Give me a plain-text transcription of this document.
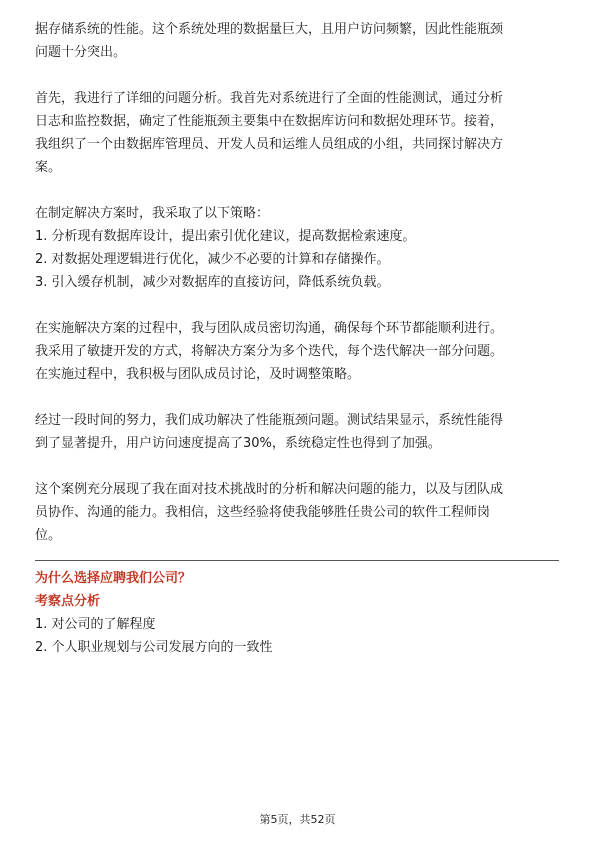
据存储系统的性能。这个系统处理的数据量巨大，且用户访问频繁，因此性能瓶颈

问题十分突出。

首先，我进行了详细的问题分析。我首先对系统进行了全面的性能测试，通过分析

日志和监控数据，确定了性能瓶颈主要集中在数据库访问和数据处理环节。接着，

我组织了一个由数据库管理员、开发人员和运维人员组成的小组，共同探讨解决方

案。

在制定解决方案时，我采取了以下策略：

1. 分析现有数据库设计，提出索引优化建议，提高数据检索速度。

2. 对数据处理逻辑进行优化，减少不必要的计算和存储操作。

3. 引入缓存机制，减少对数据库的直接访问，降低系统负载。

在实施解决方案的过程中，我与团队成员密切沟通，确保每个环节都能顺利进行。

我采用了敏捷开发的方式，将解决方案分为多个迭代，每个迭代解决一部分问题。

在实施过程中，我积极与团队成员讨论，及时调整策略。

经过一段时间的努力，我们成功解决了性能瓶颈问题。测试结果显示，系统性能得

到了显著提升，用户访问速度提高了30%，系统稳定性也得到了加强。

这个案例充分展现了我在面对技术挑战时的分析和解决问题的能力，以及与团队成

员协作、沟通的能力。我相信，这些经验将使我能够胜任贵公司的软件工程师岗

位。

为什么选择应聘我们公司？

考察点分析

1. 对公司的了解程度

2. 个人职业规划与公司发展方向的一致性

第5页，共52页
